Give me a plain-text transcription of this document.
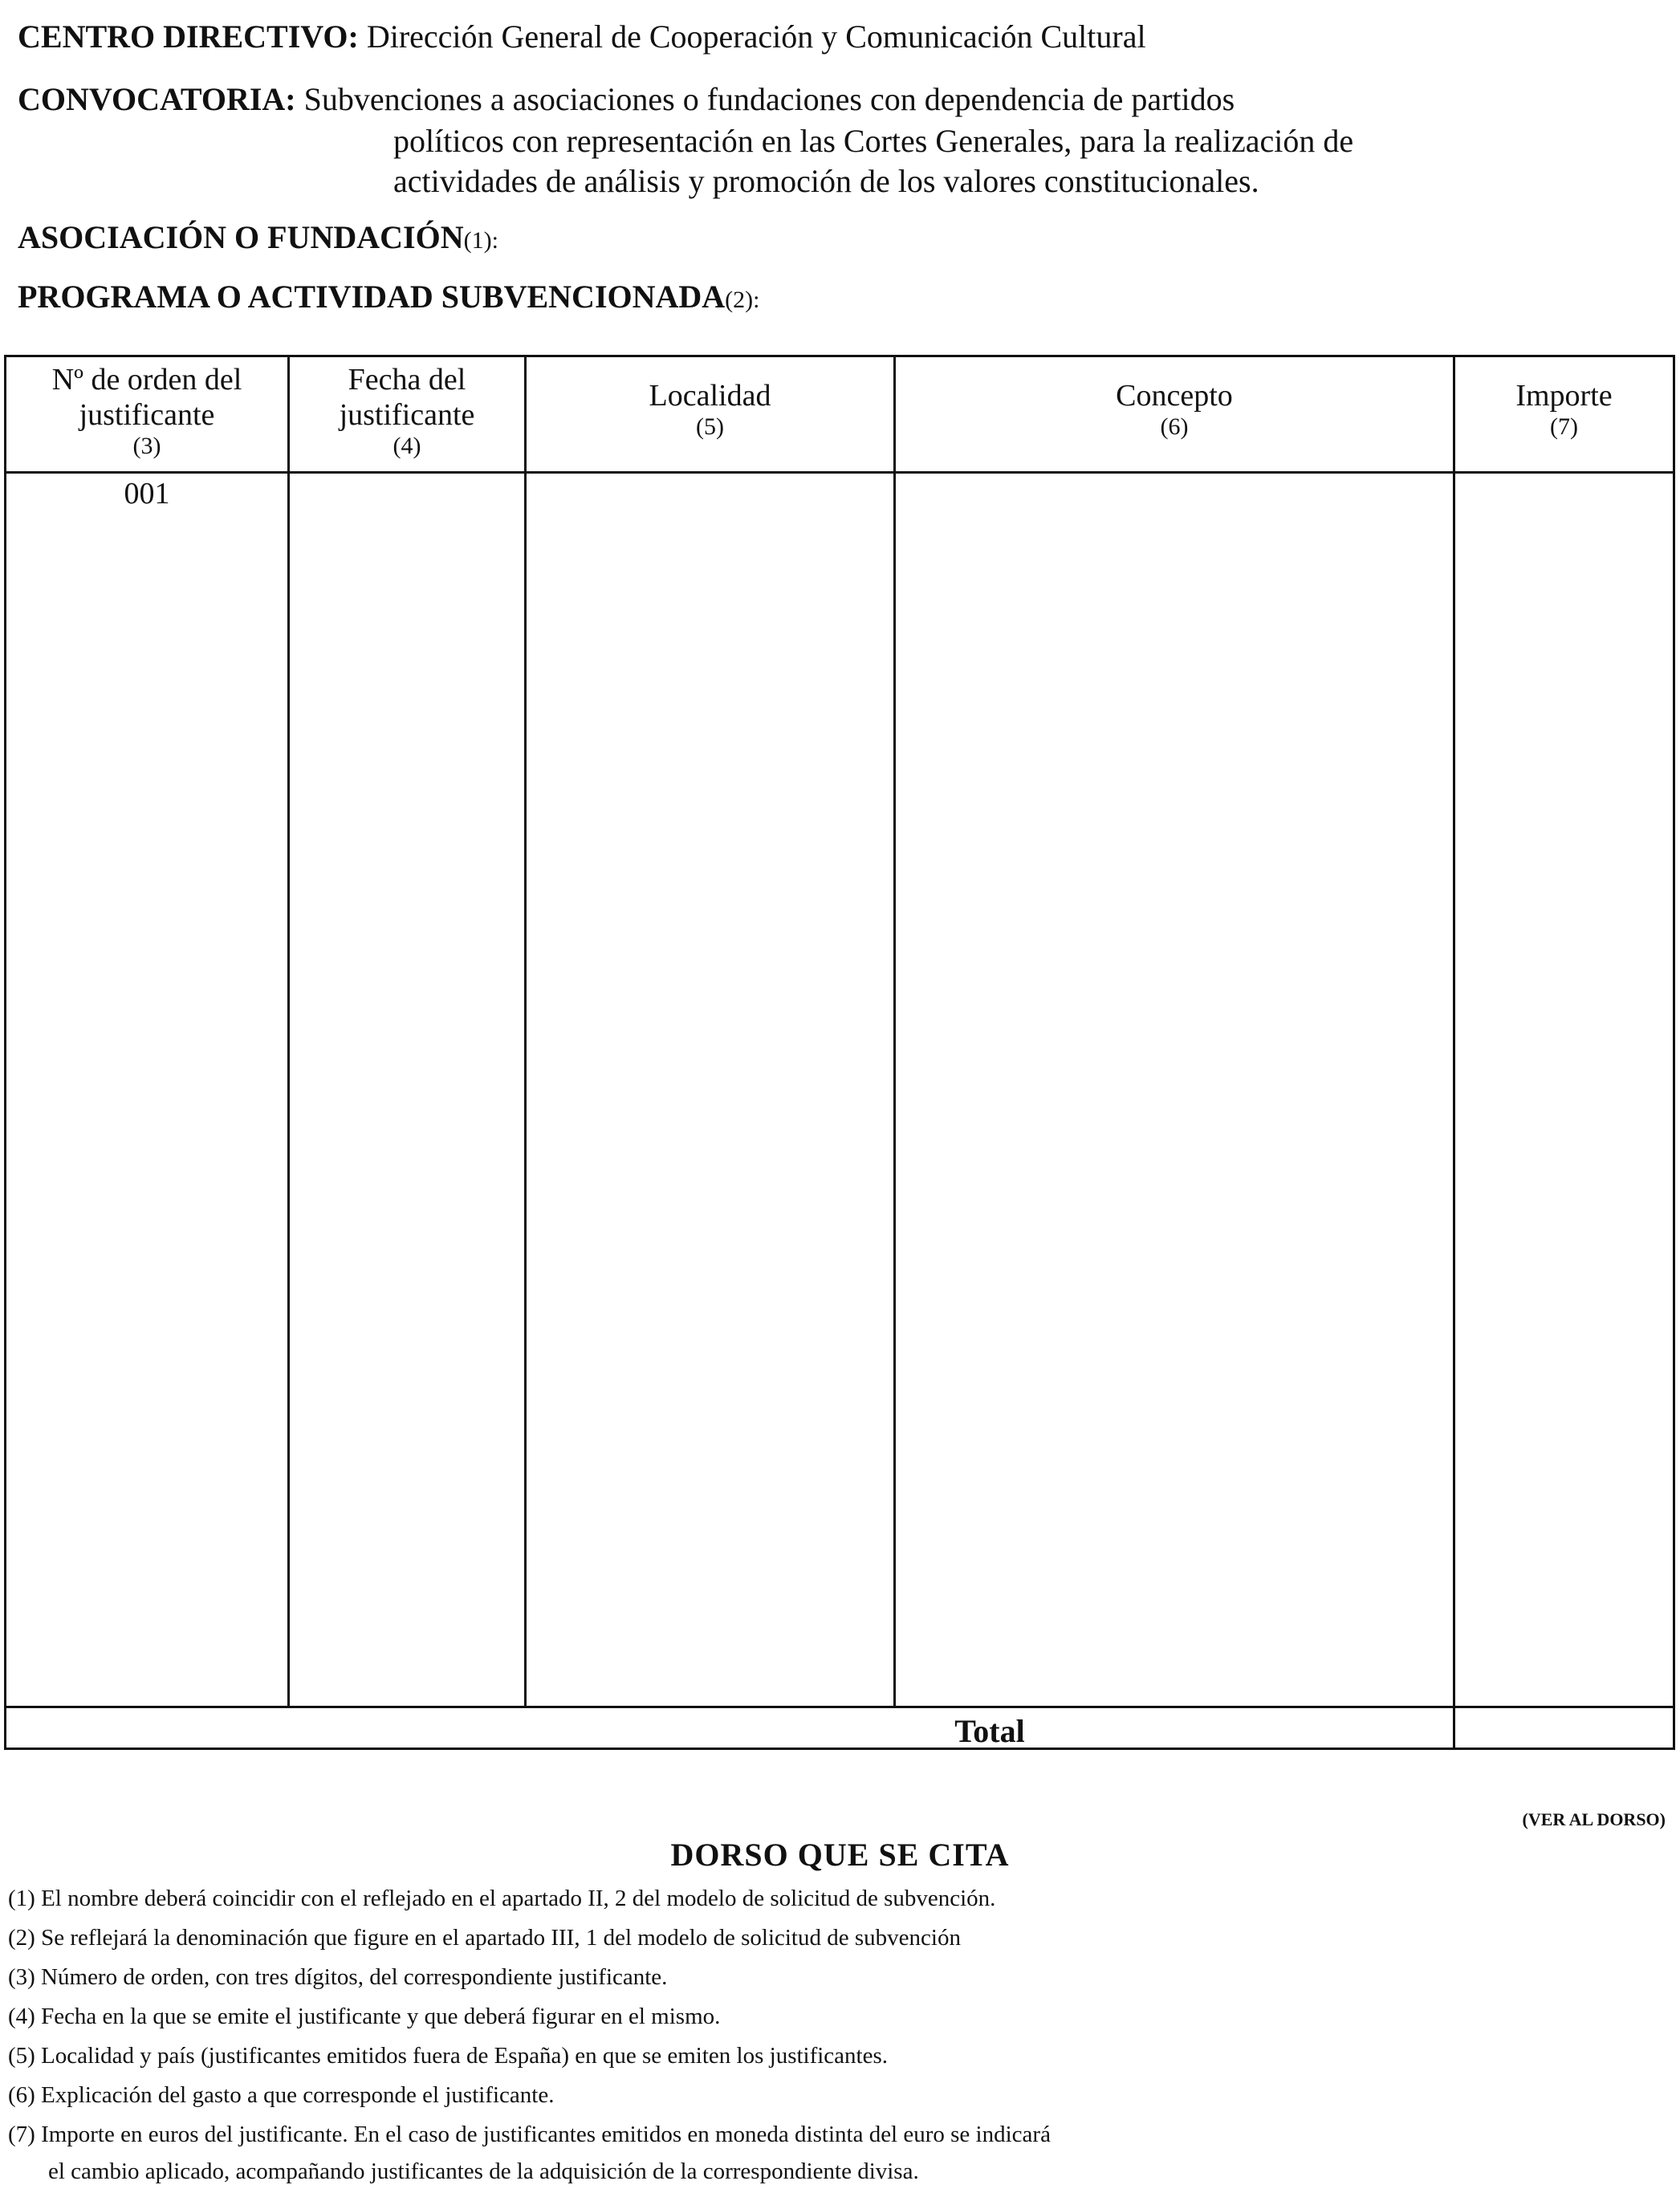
CENTRO DIRECTIVO: Dirección General de Cooperación y Comunicación Cultural
CONVOCATORIA: Subvenciones a asociaciones o fundaciones con dependencia de partidos
políticos con representación en las Cortes Generales, para la realización de
actividades de análisis y promoción de los valores constitucionales.
ASOCIACIÓN O FUNDACIÓN(1):
PROGRAMA O ACTIVIDAD SUBVENCIONADA(2):
Nº de orden del
justificante
(3)
Fecha del
justificante
(4)
Localidad
(5)
Concepto
(6)
Importe
(7)
001
Total
(VER AL DORSO)
DORSO QUE SE CITA
(1) El nombre deberá coincidir con el reflejado en el apartado II, 2 del modelo de solicitud de subvención.
(2) Se reflejará la denominación que figure en el apartado III, 1 del modelo de solicitud de subvención
(3) Número de orden, con tres dígitos, del correspondiente justificante.
(4) Fecha en la que se emite el justificante y que deberá figurar en el mismo.
(5) Localidad y país (justificantes emitidos fuera de España) en que se emiten los justificantes.
(6) Explicación del gasto a que corresponde el justificante.
(7) Importe en euros del justificante. En el caso de justificantes emitidos en moneda distinta del euro se indicará
el cambio aplicado, acompañando justificantes de la adquisición de la correspondiente divisa.
